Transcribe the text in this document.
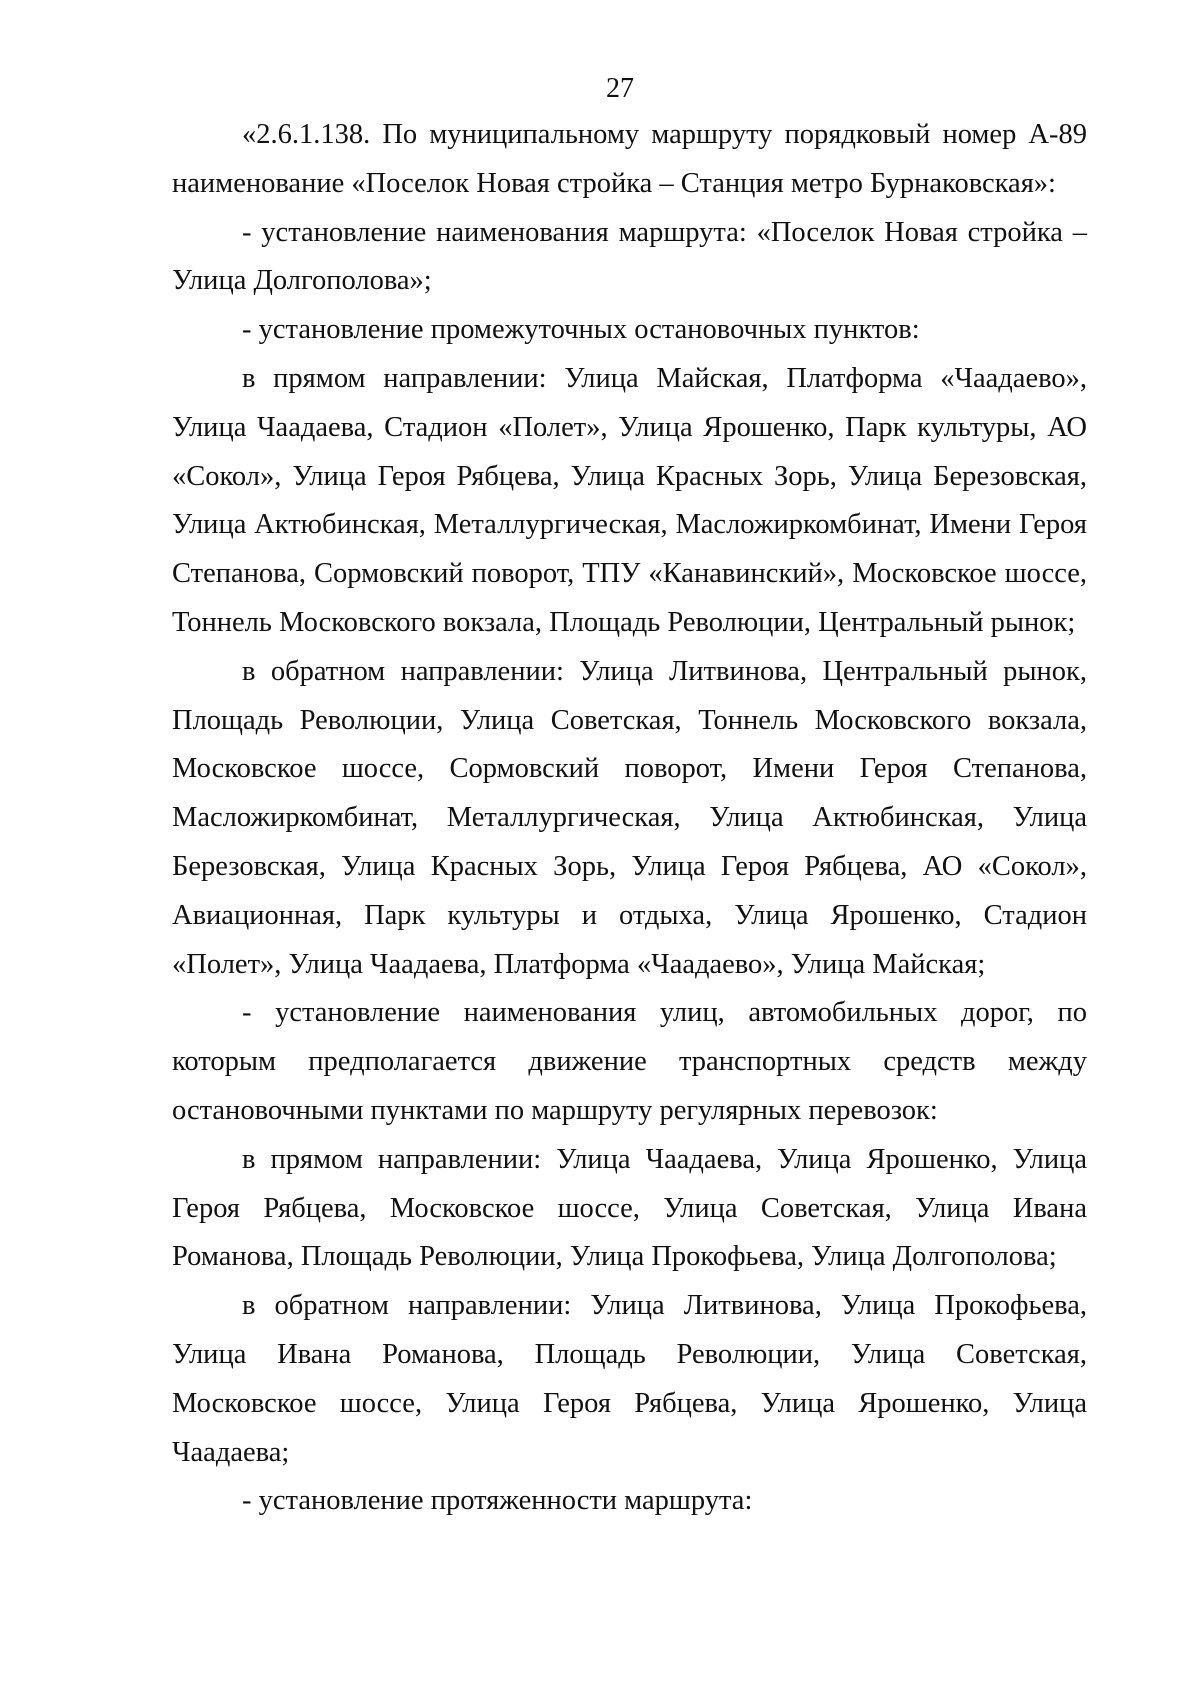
27

«2.6.1.138. По муниципальному маршруту порядковый номер А-89 наименование «Поселок Новая стройка – Станция метро Бурнаковская»:

- установление наименования маршрута: «Поселок Новая стройка – Улица Долгополова»;

- установление промежуточных остановочных пунктов:

в прямом направлении: Улица Майская, Платформа «Чаадаево», Улица Чаадаева, Стадион «Полет», Улица Ярошенко, Парк культуры, АО «Сокол», Улица Героя Рябцева, Улица Красных Зорь, Улица Березовская, Улица Актюбинская, Металлургическая, Масложиркомбинат, Имени Героя Степанова, Сормовский поворот, ТПУ «Канавинский», Московское шоссе, Тоннель Московского вокзала, Площадь Революции, Центральный рынок;

в обратном направлении: Улица Литвинова, Центральный рынок, Площадь Революции, Улица Советская, Тоннель Московского вокзала, Московское шоссе, Сормовский поворот, Имени Героя Степанова, Масложиркомбинат, Металлургическая, Улица Актюбинская, Улица Березовская, Улица Красных Зорь, Улица Героя Рябцева, АО «Сокол», Авиационная, Парк культуры и отдыха, Улица Ярошенко, Стадион «Полет», Улица Чаадаева, Платформа «Чаадаево», Улица Майская;

- установление наименования улиц, автомобильных дорог, по которым предполагается движение транспортных средств между остановочными пунктами по маршруту регулярных перевозок:

в прямом направлении: Улица Чаадаева, Улица Ярошенко, Улица Героя Рябцева, Московское шоссе, Улица Советская, Улица Ивана Романова, Площадь Революции, Улица Прокофьева, Улица Долгополова;

в обратном направлении: Улица Литвинова, Улица Прокофьева, Улица Ивана Романова, Площадь Революции, Улица Советская, Московское шоссе, Улица Героя Рябцева, Улица Ярошенко, Улица Чаадаева;

- установление протяженности маршрута:
